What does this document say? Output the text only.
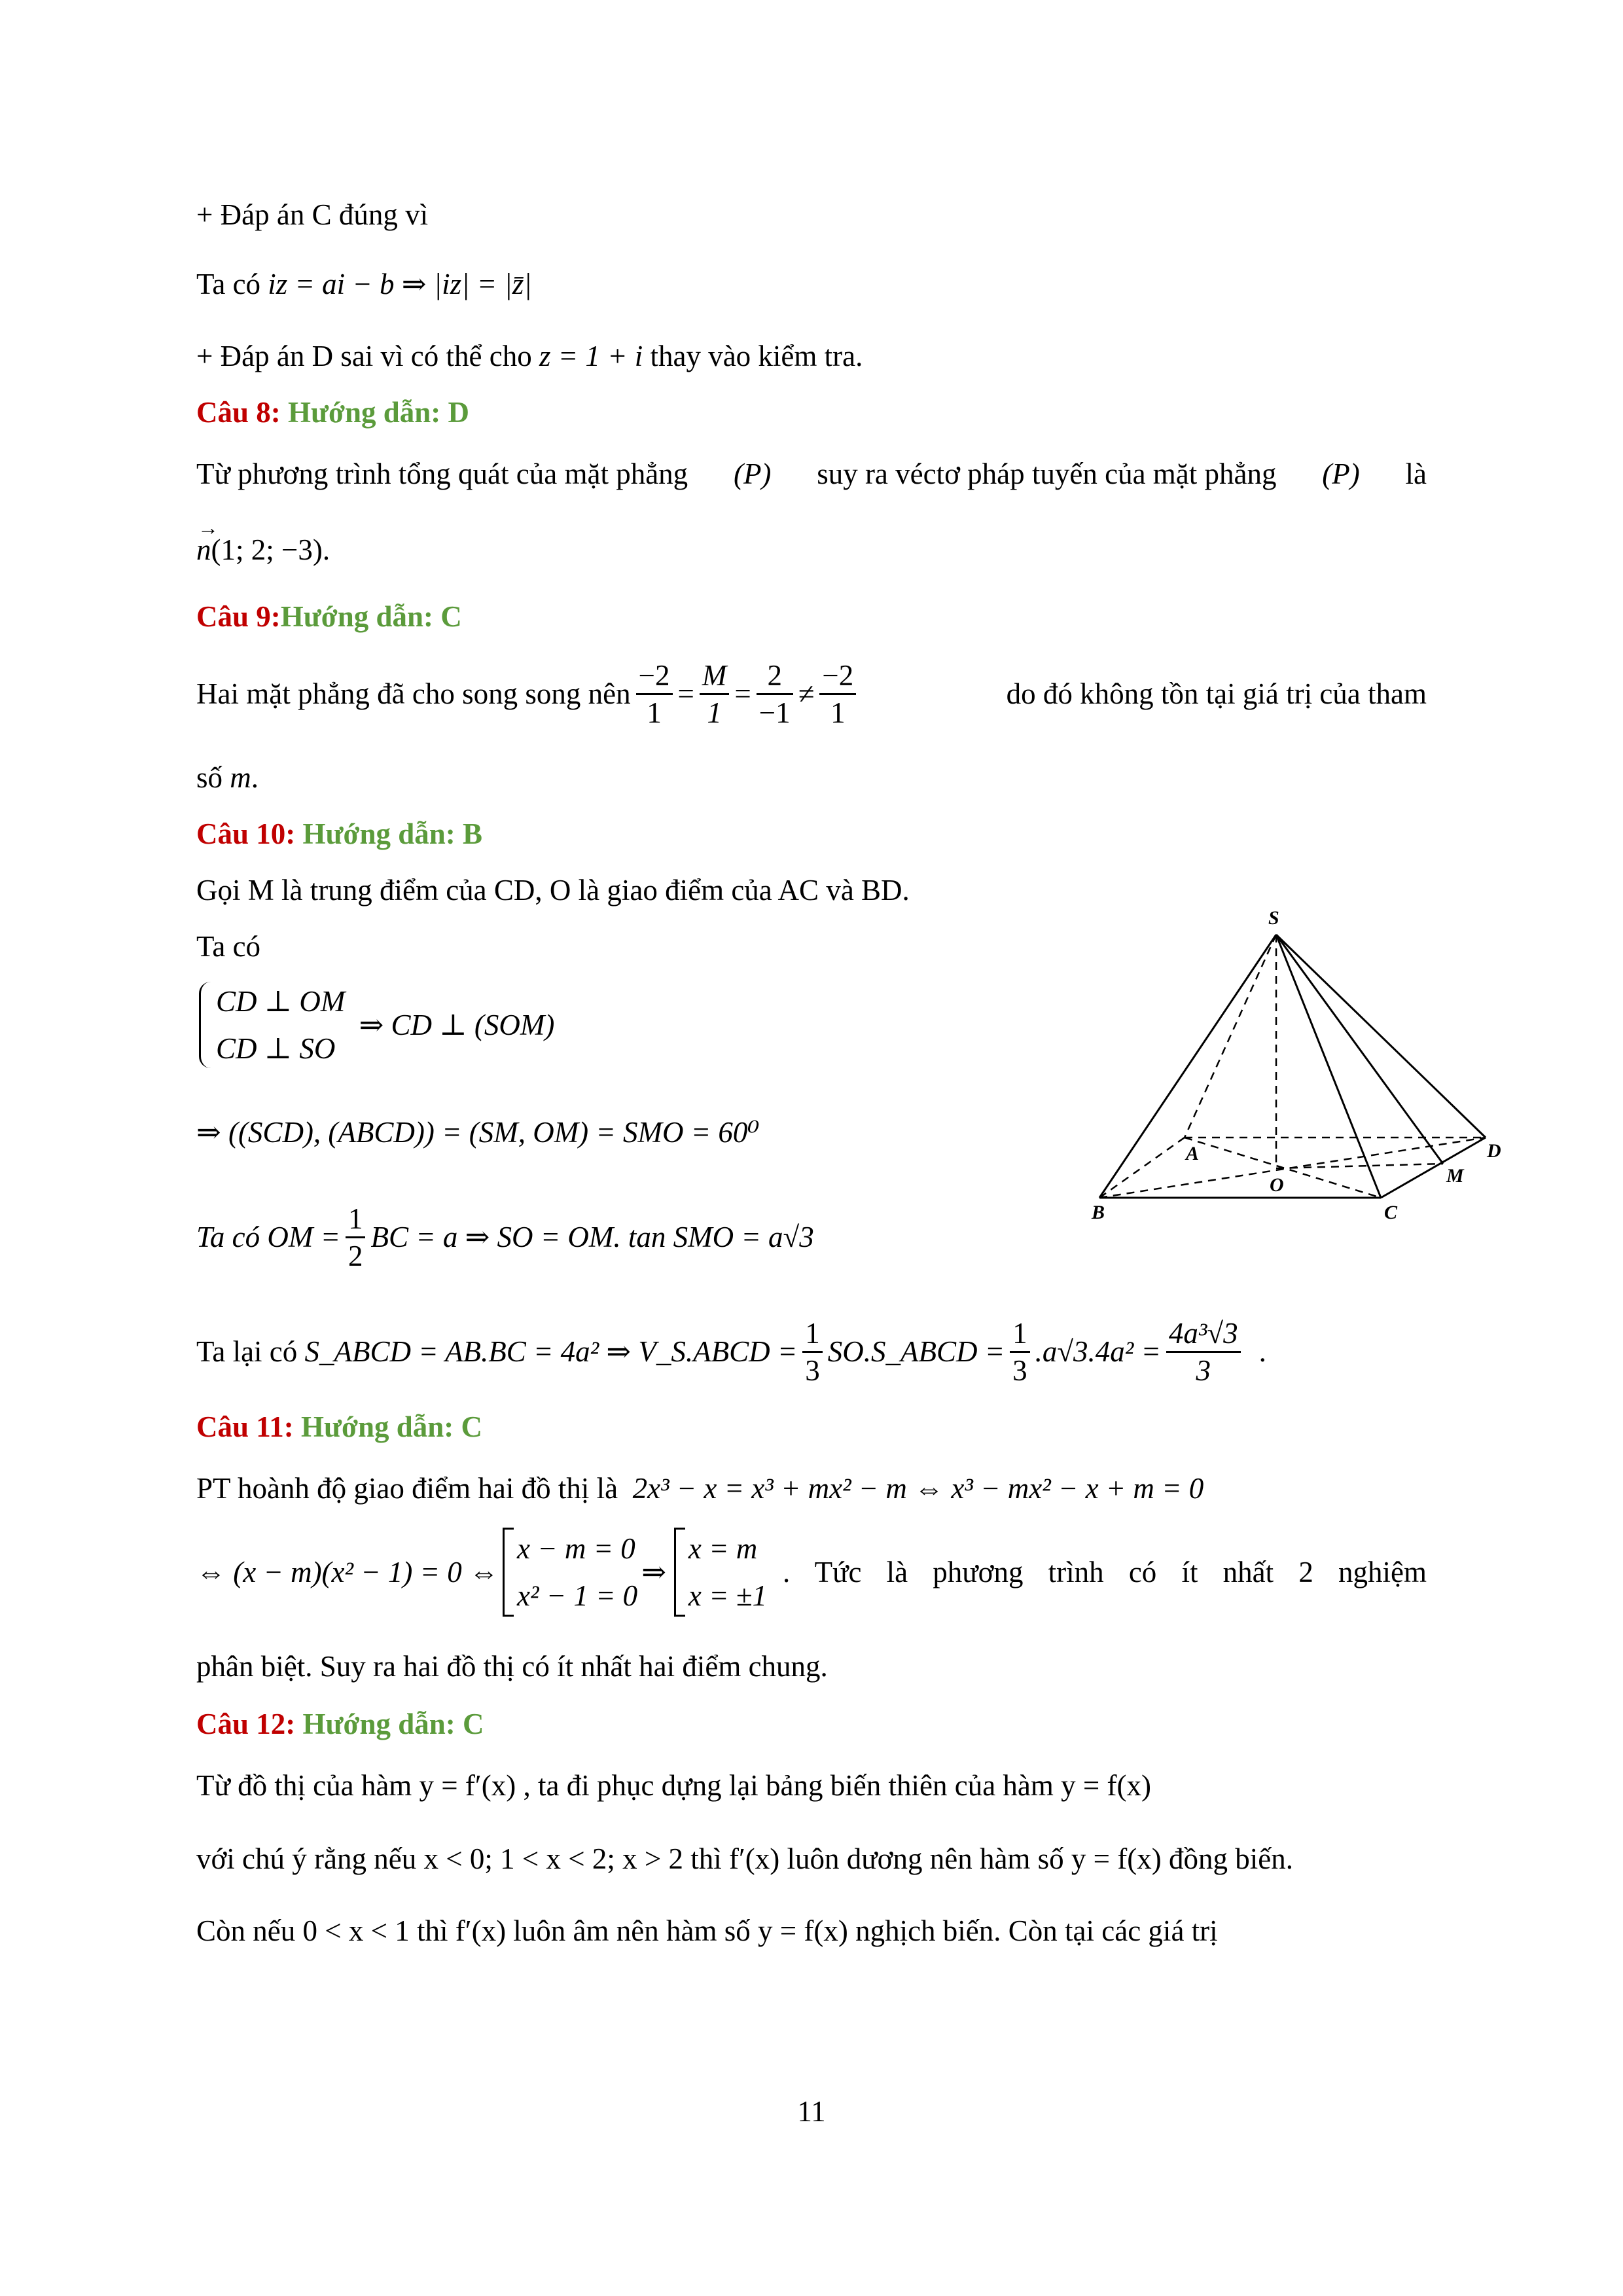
+ Đáp án C đúng vì
Ta có iz = ai − b ⇒ |iz| = |z̄|
+ Đáp án D sai vì có thể cho z = 1 + i thay vào kiểm tra.
Câu 8: Hướng dẫn: D
Từ phương trình tổng quát của mặt phẳng (P) suy ra véctơ pháp tuyến của mặt phẳng (P) là
→ n(1; 2; −3).
Câu 9:Hướng dẫn: C
Hai mặt phẳng đã cho song song nên $\frac{-2}{1} = \frac{M}{1} = \frac{2}{-1} \ne \frac{-2}{1}$	do đó không tồn tại giá trị của tham
số m.
Câu 10: Hướng dẫn: B
Gọi M là trung điểm của CD, O là giao điểm của AC và BD.
Ta có
CD ⊥ OM
CD ⊥ SO
⇒ CD ⊥ (SOM)
⇒ ((SCD), (ABCD)) = (SM, OM) = SMO = 60⁰
Ta có OM = $\frac{1}{2}$ BC = a ⇒ SO = OM. tan SMO = a√3
Ta lại có
S_ABCD = AB.BC = 4a² ⇒ V_S.ABCD = $\frac{1}{3}$ SO.S_ABCD = $\frac{1}{3} .a√3.4a^2 = \frac{\text{4a³√3}}{3}$ .
S
A
B	C
D
O	M
Câu 11: Hướng dẫn: C
PT hoành độ giao điểm hai đồ thị là 2x³ − x = x³ + mx² − m ⇔ x³ − mx² − x + m = 0
⇔ (x − m)(x² − 1) = 0 ⇔
x − m = 0
x² − 1 = 0
⇒
x = m
x = ±1
. Tức là phương trình có ít nhất 2 nghiệm
phân biệt. Suy ra hai đồ thị có ít nhất hai điểm chung.
Câu 12: Hướng dẫn: C
Từ đồ thị của hàm y = f′(x) , ta đi phục dựng lại bảng biến thiên của hàm y = f(x)
với chú ý rằng nếu x < 0; 1 < x < 2; x > 2 thì f′(x) luôn dương nên hàm số y = f(x) đồng biến.
Còn nếu 0 < x < 1 thì f′(x) luôn âm nên hàm số y = f(x) nghịch biến. Còn tại các giá trị
11
